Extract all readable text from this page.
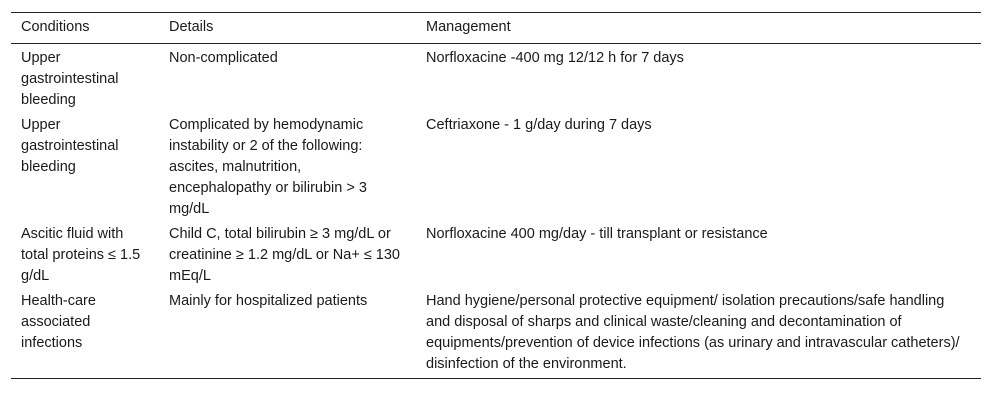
Conditions	Details	Management
Upper gastrointestinal bleeding	Non-complicated	Norfloxacine -400 mg 12/12 h for 7 days
Upper gastrointestinal bleeding	Complicated by hemodynamic instability or 2 of the following: ascites, malnutrition, encephalopathy or bilirubin > 3 mg/dL	Ceftriaxone - 1 g/day during 7 days
Ascitic fluid with total proteins ≤ 1.5 g/dL	Child C, total bilirubin ≥ 3 mg/dL or creatinine ≥ 1.2 mg/dL or Na+ ≤ 130 mEq/L	Norfloxacine 400 mg/day - till transplant or resistance
Health-care associated infections	Mainly for hospitalized patients	Hand hygiene/personal protective equipment/ isolation precautions/safe handling and disposal of sharps and clinical waste/cleaning and decontamination of equipments/prevention of device infections (as urinary and intravascular catheters)/ disinfection of the environment.
